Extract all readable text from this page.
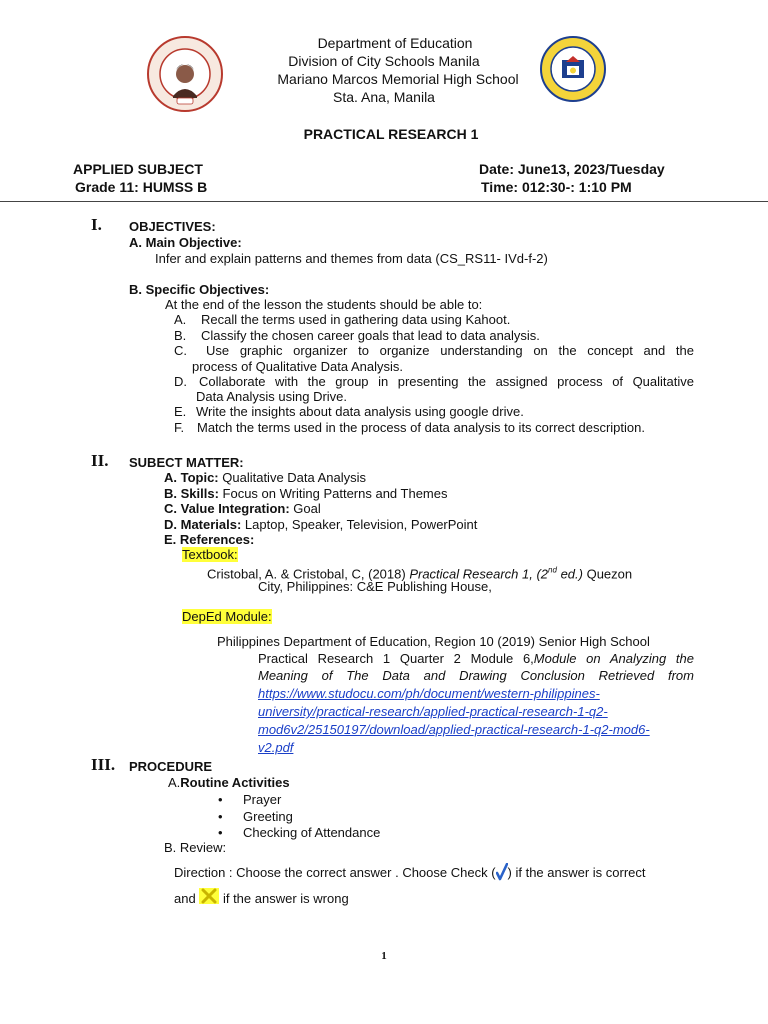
Department of Education
Division of City Schools Manila
Mariano Marcos Memorial High School
Sta. Ana, Manila
PRACTICAL RESEARCH 1
APPLIED SUBJECT
Grade 11: HUMSS B
Date: June13, 2023/Tuesday
Time: 012:30-: 1:10 PM
I. OBJECTIVES:
A. Main Objective:
Infer and explain patterns and themes from data (CS_RS11- IVd-f-2)
B. Specific Objectives:
At the end of the lesson the students should be able to:
A. Recall the terms used in gathering data using Kahoot.
B. Classify the chosen career goals that lead to data analysis.
C. Use graphic organizer to organize understanding on the concept and the
process of Qualitative Data Analysis.
D. Collaborate with the group in presenting the assigned process of Qualitative
Data Analysis using Drive.
E. Write the insights about data analysis using google drive.
F. Match the terms used in the process of data analysis to its correct description.
II. SUBECT MATTER:
A. Topic: Qualitative Data Analysis
B. Skills: Focus on Writing Patterns and Themes
C. Value Integration: Goal
D. Materials: Laptop, Speaker, Television, PowerPoint
E. References:
Textbook:
Cristobal, A. & Cristobal, C, (2018) Practical Research 1, (2nd ed.) Quezon
City, Philippines: C&E Publishing House,
DepEd Module:
Philippines Department of Education, Region 10 (2019) Senior High School
Practical Research 1 Quarter 2 Module 6,Module on Analyzing the
Meaning of The Data and Drawing Conclusion Retrieved from
https://www.studocu.com/ph/document/western-philippines-
university/practical-research/applied-practical-research-1-q2-
mod6v2/25150197/download/applied-practical-research-1-q2-mod6-
v2.pdf
III. PROCEDURE
A.Routine Activities
• Prayer
• Greeting
• Checking of Attendance
B. Review:
Direction : Choose the correct answer . Choose Check ( ) if the answer is correct
and if the answer is wrong
1
